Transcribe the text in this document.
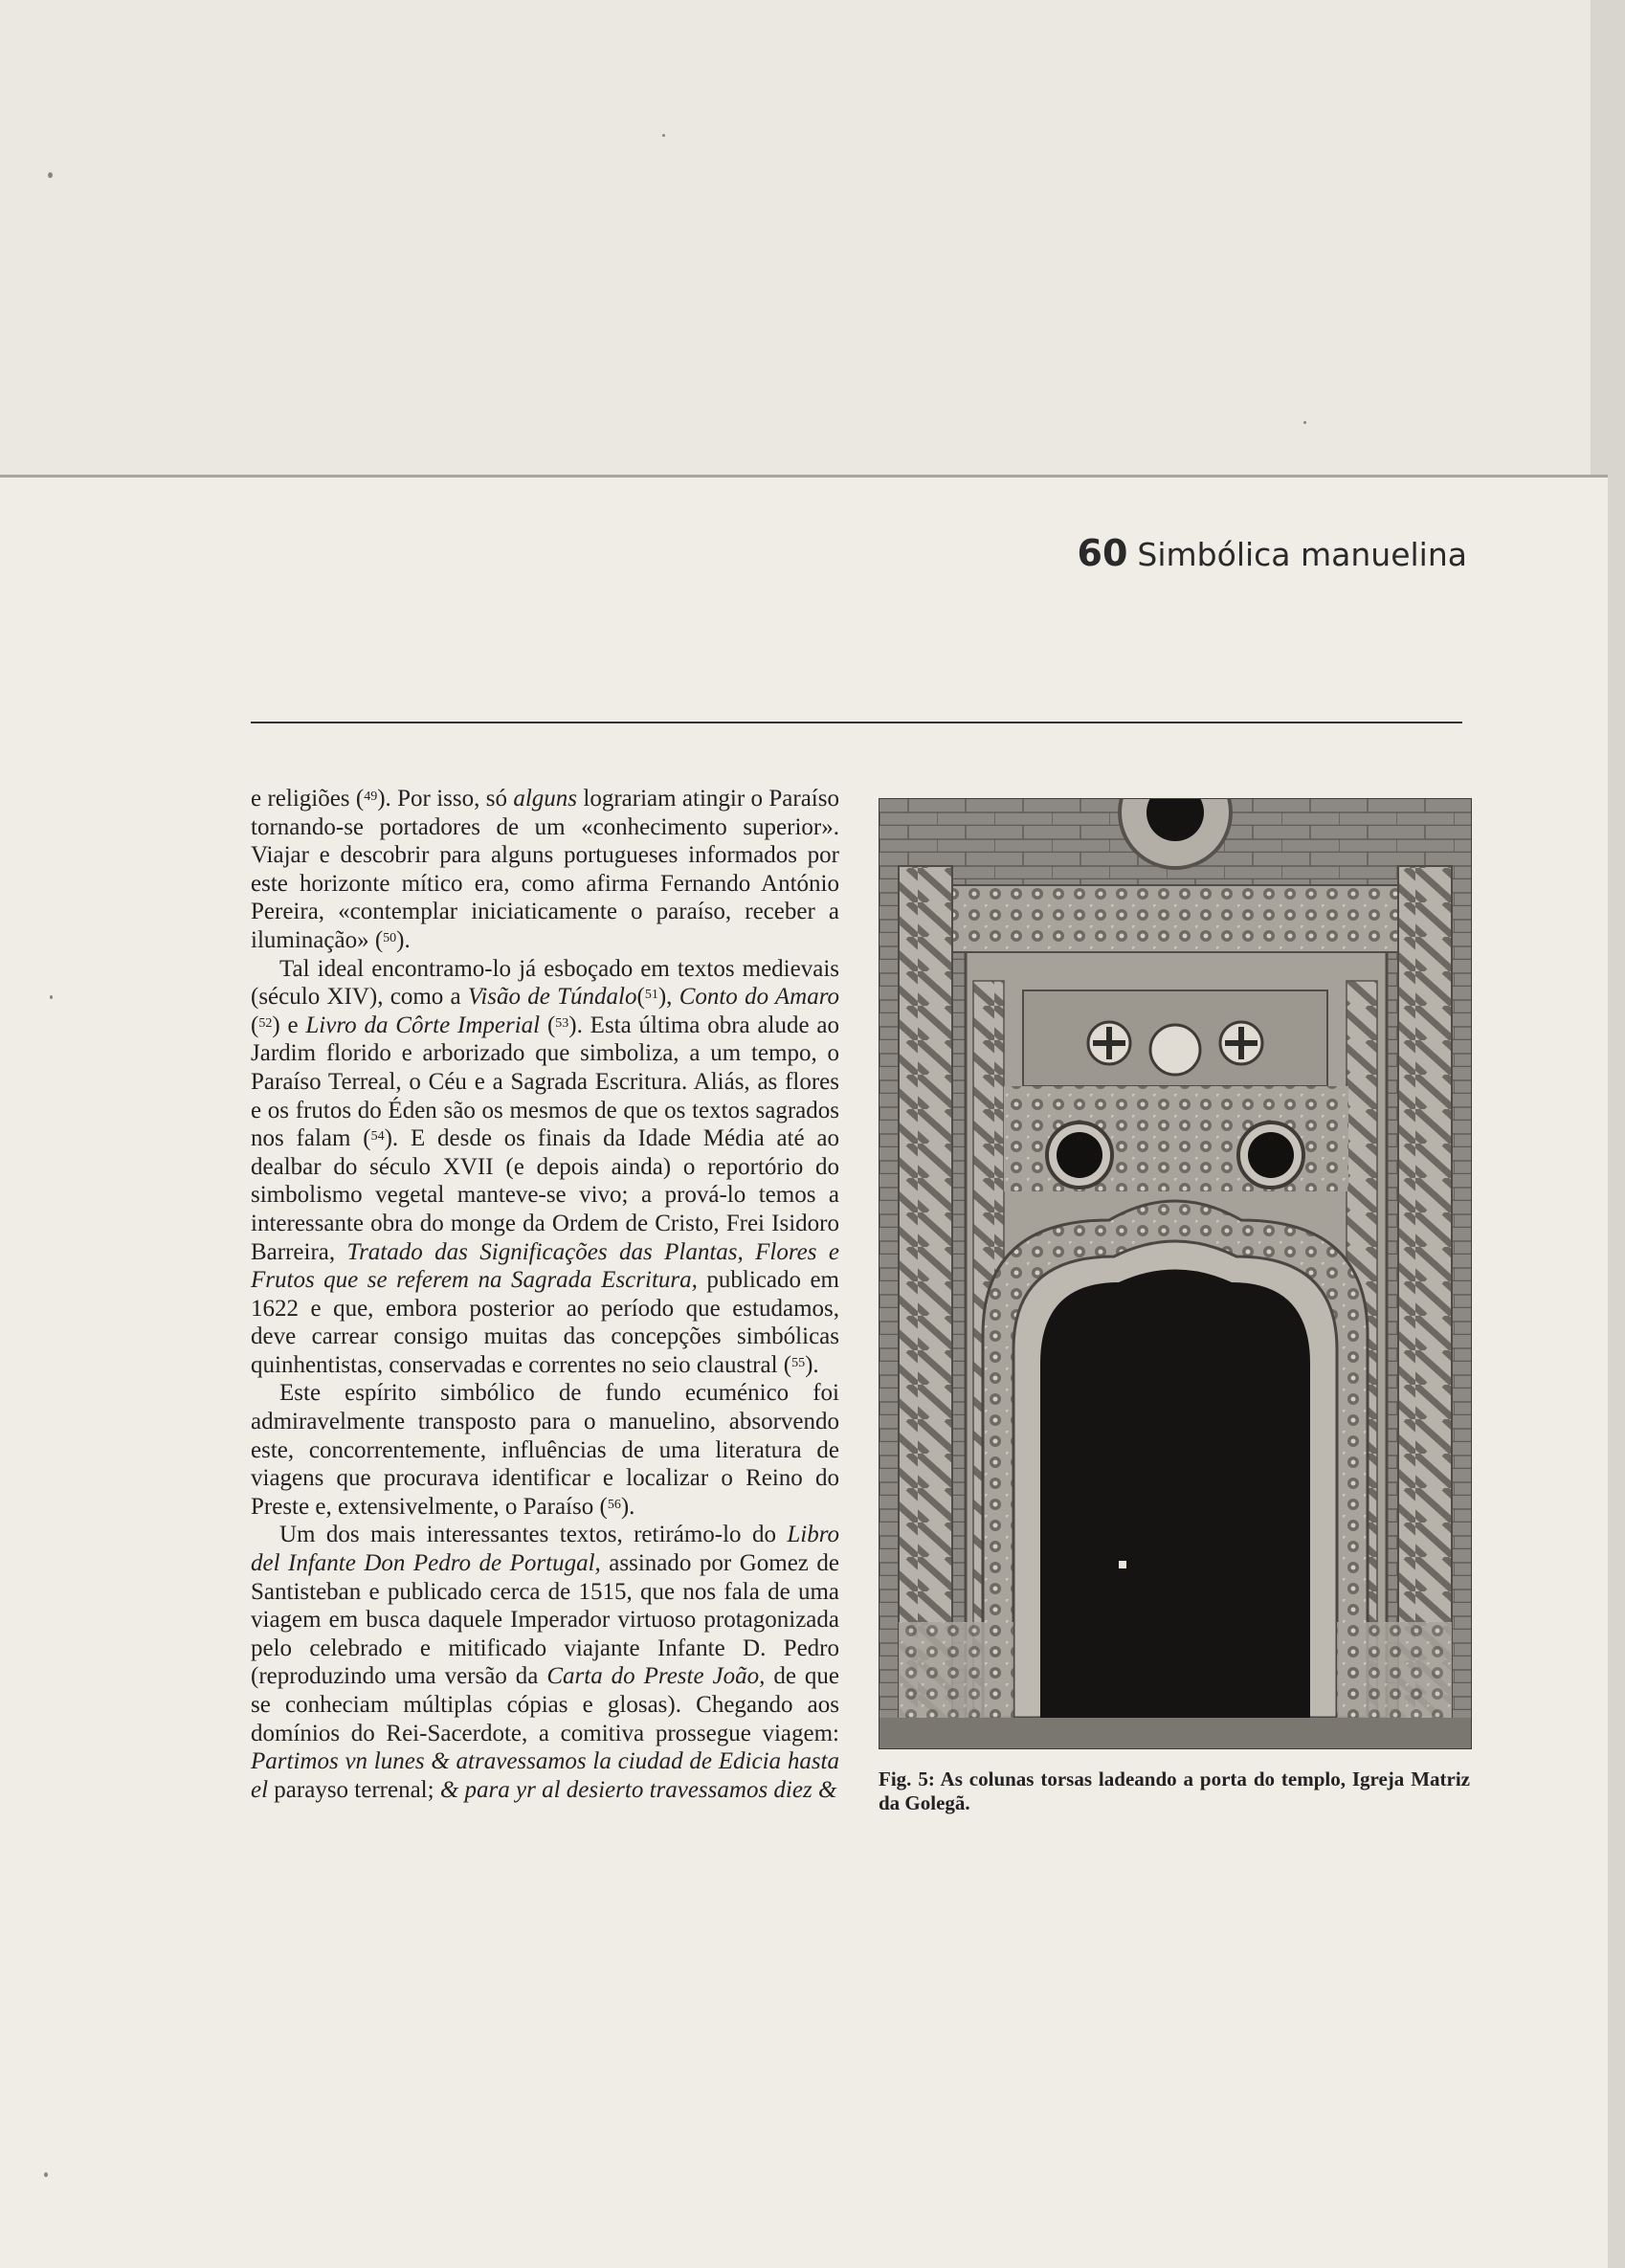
60 Simbólica manuelina

e religiões ($^{49}$). Por isso, só alguns lograriam atingir o Paraíso tornando-se portadores de um «conhecimento superior». Viajar e descobrir para alguns portugueses informados por este horizonte mítico era, como afirma Fernando António Pereira, «contemplar iniciaticamente o paraíso, receber a iluminação» ($^{50}$).

Tal ideal encontramo-lo já esboçado em textos medievais (século XIV), como a Visão de Túndalo($^{51}$), Conto do Amaro ($^{52}$) e Livro da Côrte Imperial ($^{53}$). Esta última obra alude ao Jardim florido e arborizado que simboliza, a um tempo, o Paraíso Terreal, o Céu e a Sagrada Escritura. Aliás, as flores e os frutos do Éden são os mesmos de que os textos sagrados nos falam ($^{54}$). E desde os finais da Idade Média até ao dealbar do século XVII (e depois ainda) o reportório do simbolismo vegetal manteve-se vivo; a prová-lo temos a interessante obra do monge da Ordem de Cristo, Frei Isidoro Barreira, Tratado das Significações das Plantas, Flores e Frutos que se referem na Sagrada Escritura, publicado em 1622 e que, embora posterior ao período que estudamos, deve carrear consigo muitas das concepções simbólicas quinhentistas, conservadas e correntes no seio claustral ($^{55}$).

Este espírito simbólico de fundo ecuménico foi admiravelmente transposto para o manuelino, absorvendo este, concorrentemente, influências de uma literatura de viagens que procurava identificar e localizar o Reino do Preste e, extensivelmente, o Paraíso ($^{56}$).

Um dos mais interessantes textos, retirámo-lo do Libro del Infante Don Pedro de Portugal, assinado por Gomez de Santisteban e publicado cerca de 1515, que nos fala de uma viagem em busca daquele Imperador virtuoso protagonizada pelo celebrado e mitificado viajante Infante D. Pedro (reproduzindo uma versão da Carta do Preste João, de que se conheciam múltiplas cópias e glosas). Chegando aos domínios do Rei-Sacerdote, a comitiva prossegue viagem: Partimos vn lunes & atravessamos la ciudad de Edicia hasta el parayso terrenal; & para yr al desierto travessamos diez & Fig. 5: As colunas torsas ladeando a porta do templo, Igreja Matriz da Golegã.
